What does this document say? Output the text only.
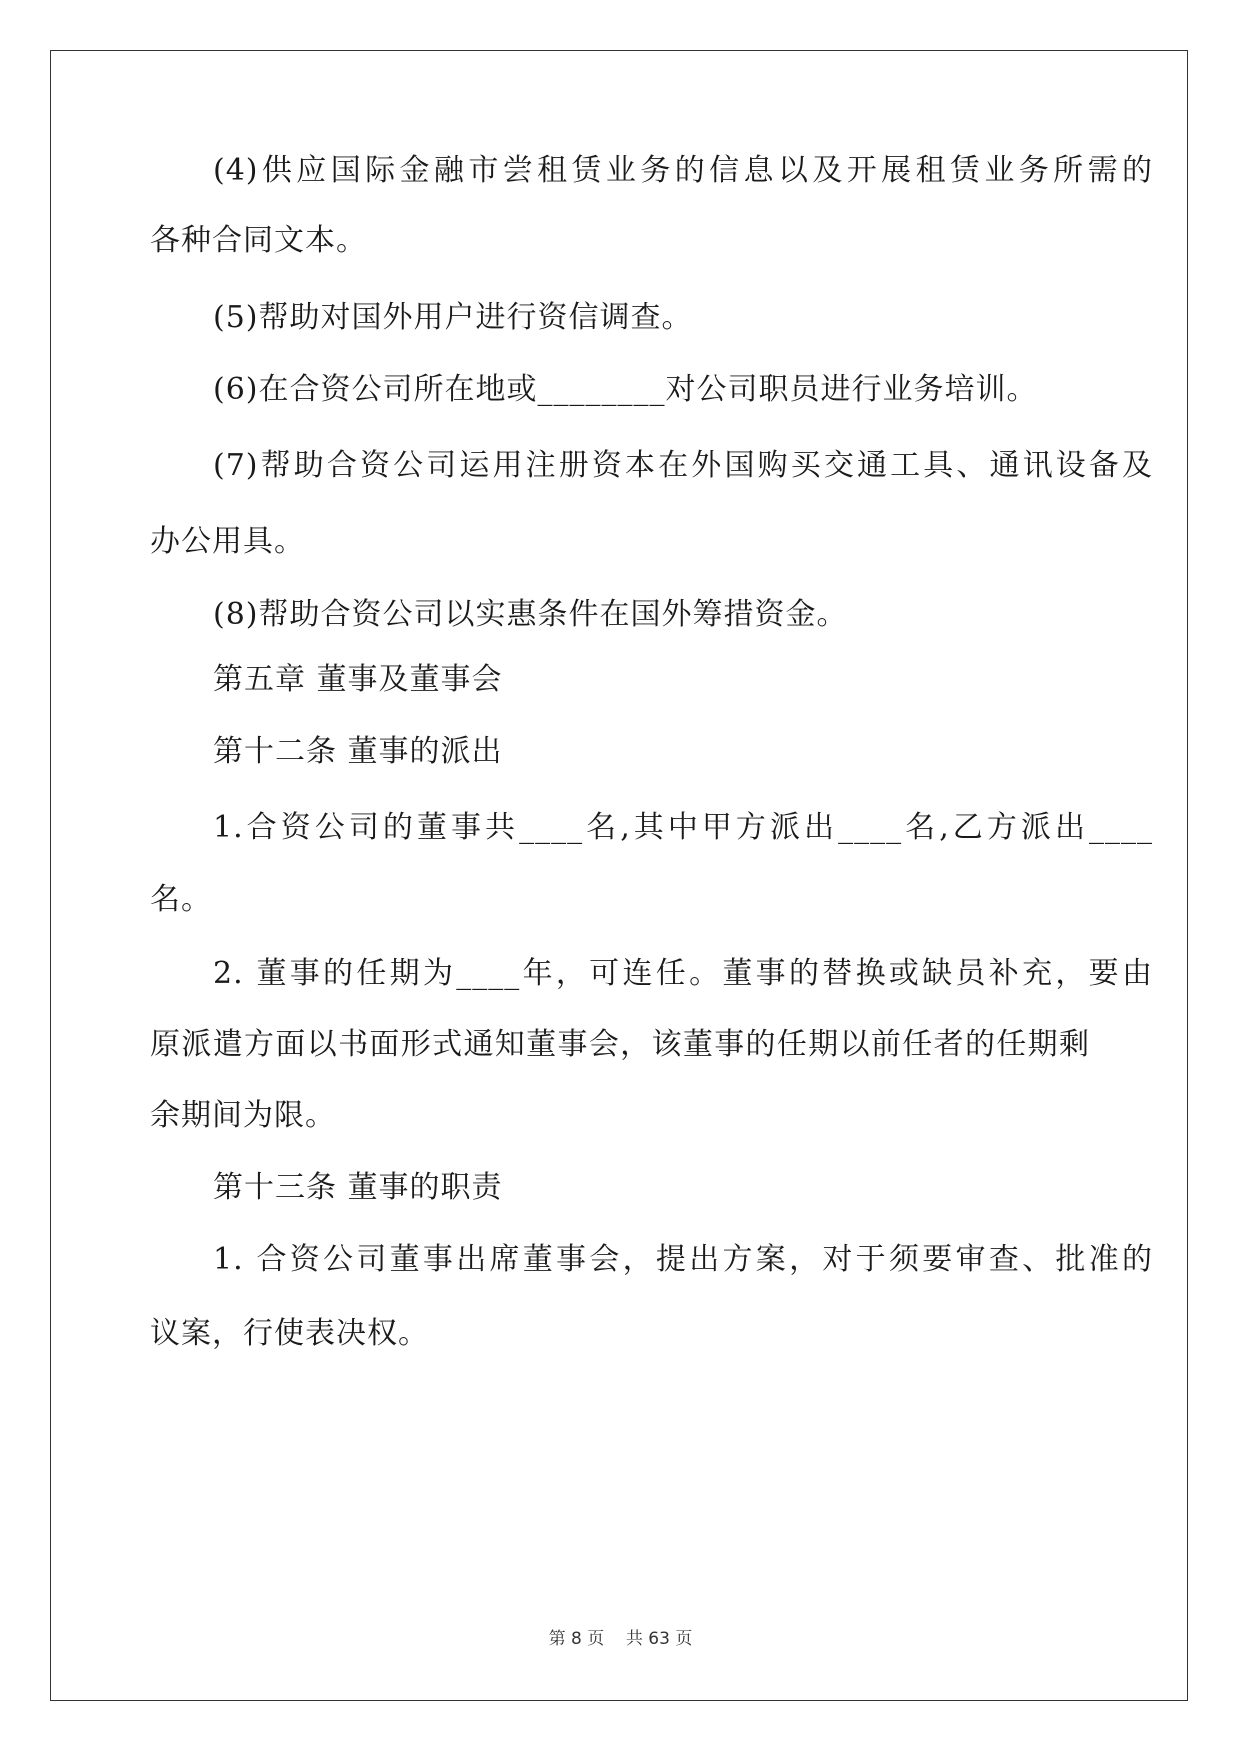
(4)供应国际金融市尝租赁业务的信息以及开展租赁业务所需的
各种合同文本。
(5)帮助对国外用户进行资信调查。
(6)在合资公司所在地或________对公司职员进行业务培训。
(7)帮助合资公司运用注册资本在外国购买交通工具、通讯设备及
办公用具。
(8)帮助合资公司以实惠条件在国外筹措资金。
第五章 董事及董事会
第十二条 董事的派出
1.合资公司的董事共____名,其中甲方派出____名,乙方派出____
名。
2. 董事的任期为____年，可连任。董事的替换或缺员补充，要由
原派遣方面以书面形式通知董事会，该董事的任期以前任者的任期剩
余期间为限。
第十三条 董事的职责
1. 合资公司董事出席董事会，提出方案，对于须要审查、批准的
议案，行使表决权。
第 8 页    共 63 页
